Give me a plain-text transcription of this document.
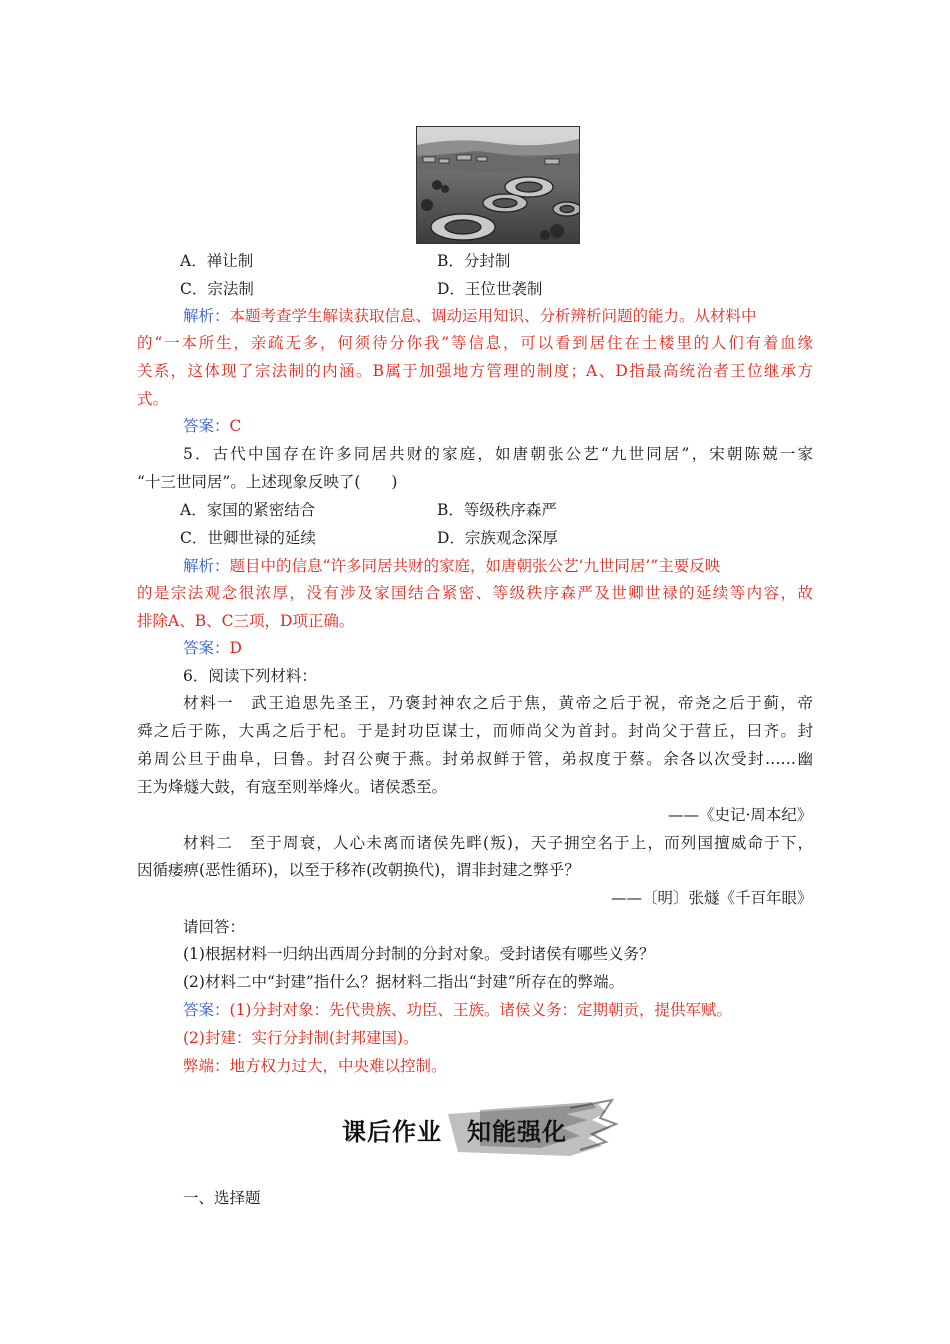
A．禅让制	B．分封制
C．宗法制	D．王位世袭制
解析：本题考查学生解读获取信息、调动运用知识、分析辨析问题的能力。从材料中
的“一本所生，亲疏无多，何须待分你我”等信息，可以看到居住在土楼里的人们有着血缘
关系，这体现了宗法制的内涵。B属于加强地方管理的制度；A、D指最高统治者王位继承方
式。
答案：C
5．古代中国存在许多同居共财的家庭，如唐朝张公艺“九世同居”，宋朝陈兢一家
“十三世同居”。上述现象反映了(　　)
A．家国的紧密结合	B．等级秩序森严
C．世卿世禄的延续	D．宗族观念深厚
解析：题目中的信息“许多同居共财的家庭，如唐朝张公艺‘九世同居’”主要反映
的是宗法观念很浓厚，没有涉及家国结合紧密、等级秩序森严及世卿世禄的延续等内容，故
排除A、B、C三项，D项正确。
答案：D
6．阅读下列材料：
材料一　武王追思先圣王，乃褒封神农之后于焦，黄帝之后于祝，帝尧之后于蓟，帝
舜之后于陈，大禹之后于杞。于是封功臣谋士，而师尚父为首封。封尚父于营丘，曰齐。封
弟周公旦于曲阜，曰鲁。封召公奭于燕。封弟叔鲜于管，弟叔度于蔡。余各以次受封……幽
王为烽燧大鼓，有寇至则举烽火。诸侯悉至。
——《史记·周本纪》
材料二　至于周衰，人心未离而诸侯先畔(叛)，天子拥空名于上，而列国擅威命于下，
因循痿痹(恶性循环)，以至于移祚(改朝换代)，谓非封建之弊乎？
——〔明〕张燧《千百年眼》
请回答：
(1)根据材料一归纳出西周分封制的分封对象。受封诸侯有哪些义务？
(2)材料二中“封建”指什么？据材料二指出“封建”所存在的弊端。
答案：(1)分封对象：先代贵族、功臣、王族。诸侯义务：定期朝贡，提供军赋。
(2)封建：实行分封制(封邦建国)。
弊端：地方权力过大，中央难以控制。
课后作业　知能强化
一、选择题
